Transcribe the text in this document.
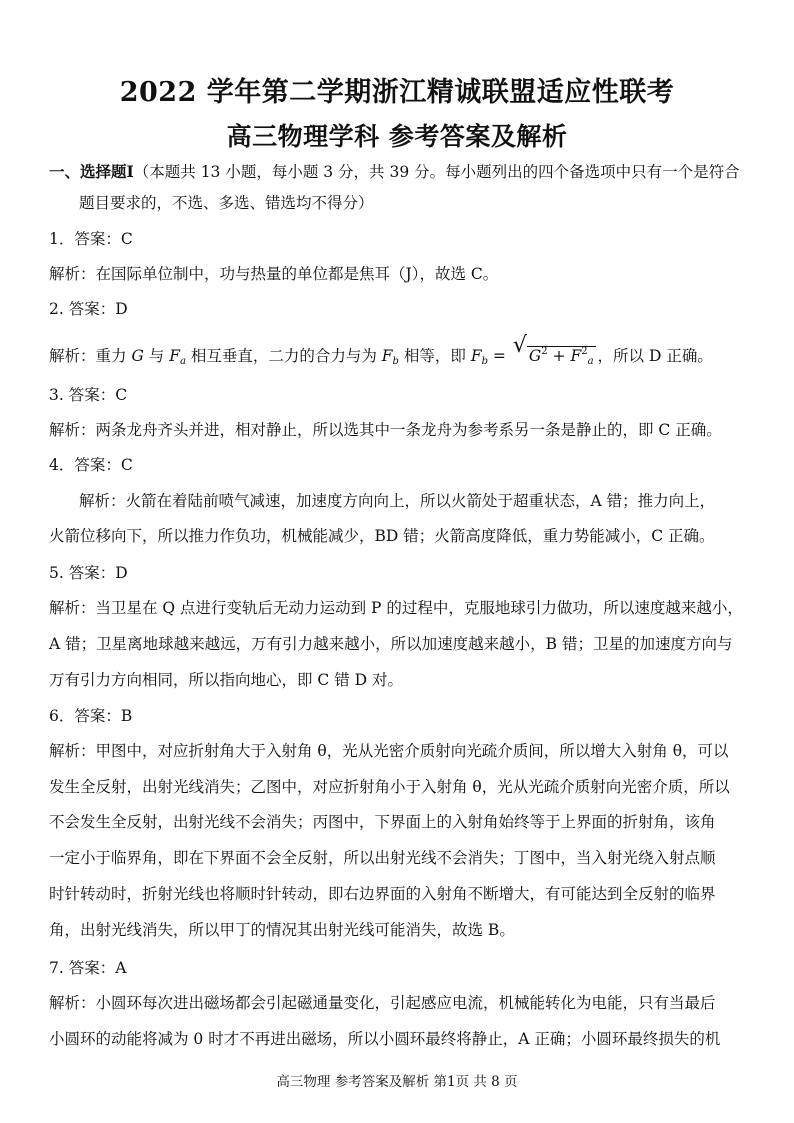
2022 学年第二学期浙江精诚联盟适应性联考
高三物理学科 参考答案及解析
一、选择题Ⅰ（本题共 13 小题，每小题 3 分，共 39 分。每小题列出的四个备选项中只有一个是符合
题目要求的，不选、多选、错选均不得分）
1．答案：C
解析：在国际单位制中，功与热量的单位都是焦耳（J），故选 C。
2. 答案：D
解析：重力 G 与 $F_a$ 相互垂直，二力的合力与为 $F_b$ 相等，即 $F_b$ = √ $G^2 + F^2_a$ ，所以 D 正确。
3. 答案：C
解析：两条龙舟齐头并进，相对静止，所以选其中一条龙舟为参考系另一条是静止的，即 C 正确。
4．答案：C
解析：火箭在着陆前喷气减速，加速度方向向上，所以火箭处于超重状态，A 错；推力向上，
火箭位移向下，所以推力作负功，机械能减少，BD 错；火箭高度降低，重力势能减小，C 正确。
5. 答案：D
解析：当卫星在 Q 点进行变轨后无动力运动到 P 的过程中，克服地球引力做功，所以速度越来越小，
A 错；卫星离地球越来越远，万有引力越来越小，所以加速度越来越小，B 错；卫星的加速度方向与
万有引力方向相同，所以指向地心，即 C 错 D 对。
6．答案：B
解析：甲图中，对应折射角大于入射角 θ，光从光密介质射向光疏介质间，所以增大入射角 θ，可以
发生全反射，出射光线消失；乙图中，对应折射角小于入射角 θ，光从光疏介质射向光密介质，所以
不会发生全反射，出射光线不会消失；丙图中，下界面上的入射角始终等于上界面的折射角，该角
一定小于临界角，即在下界面不会全反射，所以出射光线不会消失；丁图中，当入射光绕入射点顺
时针转动时，折射光线也将顺时针转动，即右边界面的入射角不断增大，有可能达到全反射的临界
角，出射光线消失，所以甲丁的情况其出射光线可能消失，故选 B。
7. 答案：A
解析：小圆环每次进出磁场都会引起磁通量变化，引起感应电流，机械能转化为电能，只有当最后
小圆环的动能将减为 0 时才不再进出磁场，所以小圆环最终将静止，A 正确；小圆环最终损失的机
高三物理 参考答案及解析 第1页 共 8 页
